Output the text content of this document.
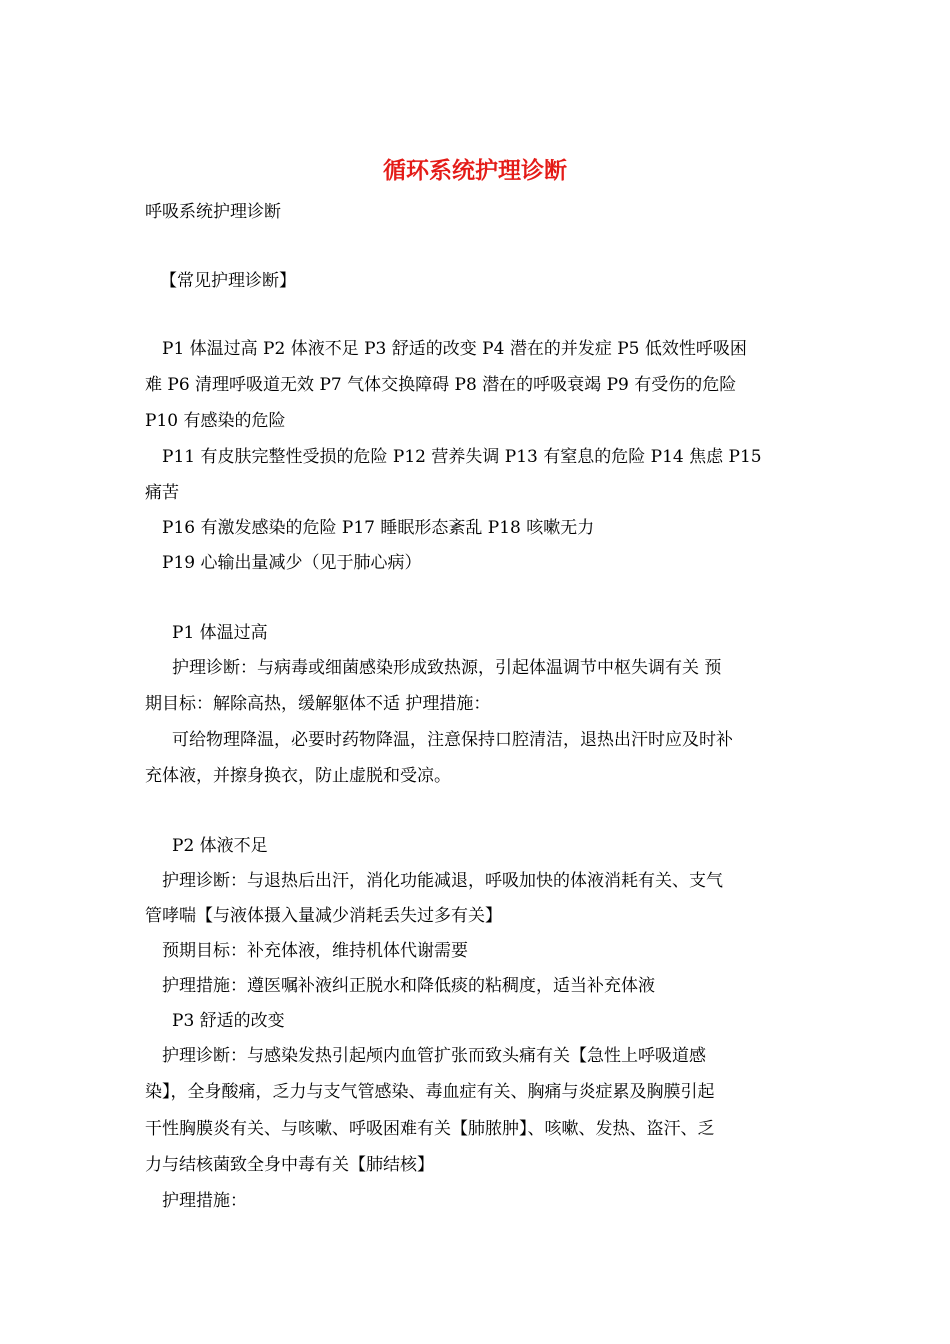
循环系统护理诊断
呼吸系统护理诊断
【常见护理诊断】
P1 体温过高 P2 体液不足 P3 舒适的改变 P4 潜在的并发症 P5 低效性呼吸困
难 P6 清理呼吸道无效 P7 气体交换障碍 P8 潜在的呼吸衰竭 P9 有受伤的危险
P10 有感染的危险
P11 有皮肤完整性受损的危险 P12 营养失调 P13 有窒息的危险 P14 焦虑 P15
痛苦
P16 有激发感染的危险 P17 睡眠形态紊乱 P18 咳嗽无力
P19 心输出量减少（见于肺心病）
P1 体温过高
护理诊断：与病毒或细菌感染形成致热源，引起体温调节中枢失调有关 预
期目标：解除高热，缓解躯体不适 护理措施：
可给物理降温，必要时药物降温，注意保持口腔清洁，退热出汗时应及时补
充体液，并擦身换衣，防止虚脱和受凉。
P2 体液不足
护理诊断：与退热后出汗，消化功能减退，呼吸加快的体液消耗有关、支气
管哮喘【与液体摄入量减少消耗丢失过多有关】
预期目标：补充体液，维持机体代谢需要
护理措施：遵医嘱补液纠正脱水和降低痰的粘稠度，适当补充体液
P3 舒适的改变
护理诊断：与感染发热引起颅内血管扩张而致头痛有关【急性上呼吸道感
染】，全身酸痛，乏力与支气管感染、毒血症有关、胸痛与炎症累及胸膜引起
干性胸膜炎有关、与咳嗽、呼吸困难有关【肺脓肿】、咳嗽、发热、盗汗、乏
力与结核菌致全身中毒有关【肺结核】
护理措施：
